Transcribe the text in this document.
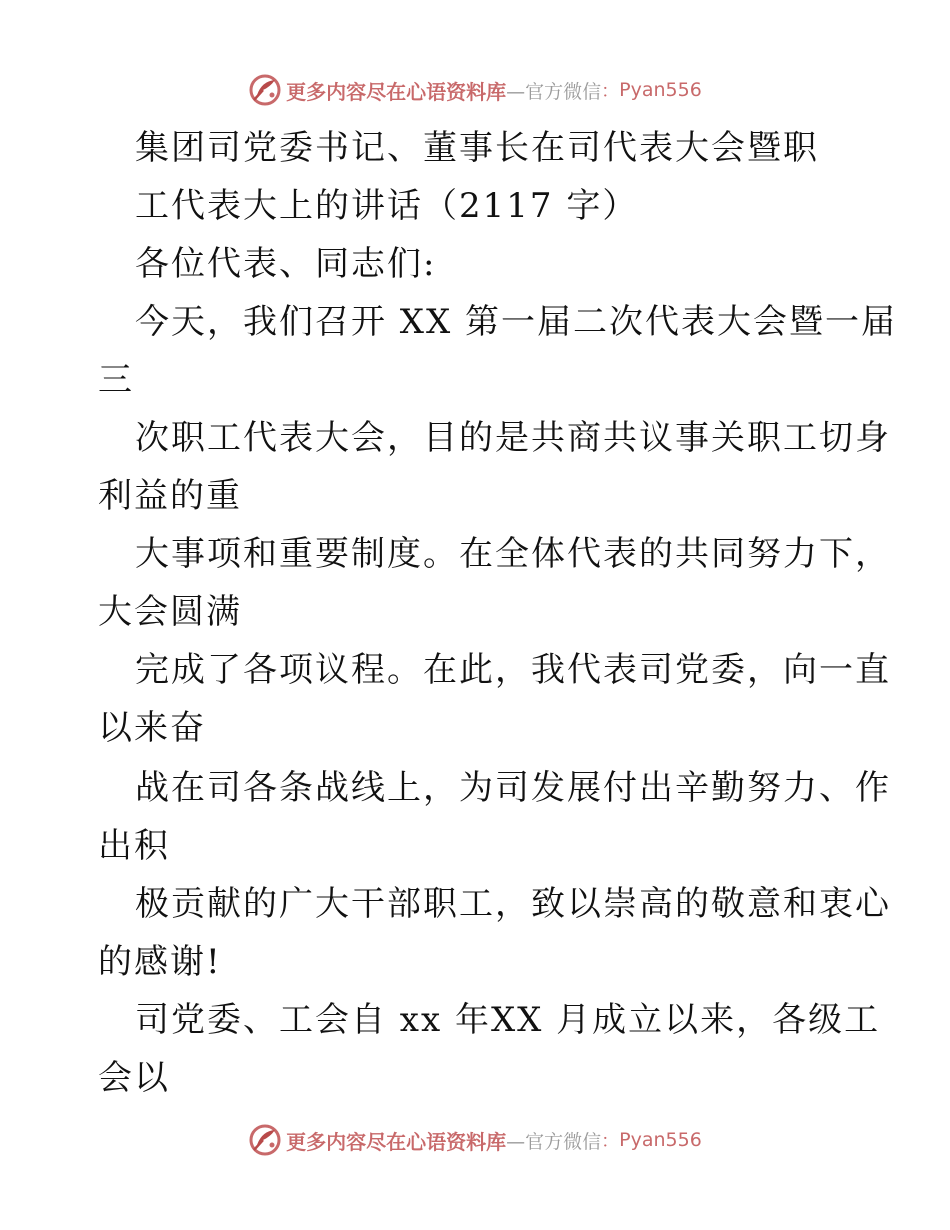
更多内容尽在心语资料库 —官方微信 ： Pyan556
集团司党委书记、董事长在司代表大会暨职
工代表大上的讲话（2117 字）
各位代表、同志们:
今天，我们召开 XX 第一届二次代表大会暨一届
三
次职工代表大会，目的是共商共议事关职工切身
利益的重
大事项和重要制度。在全体代表的共同努力下，
大会圆满
完成了各项议程。在此，我代表司党委，向一直
以来奋
战在司各条战线上，为司发展付出辛勤努力、作
出积
极贡献的广大干部职工，致以崇高的敬意和衷心
的感谢!
司党委、工会自 xx 年XX 月成立以来，各级工
会以
更多内容尽在心语资料库 —官方微信 ： Pyan556
